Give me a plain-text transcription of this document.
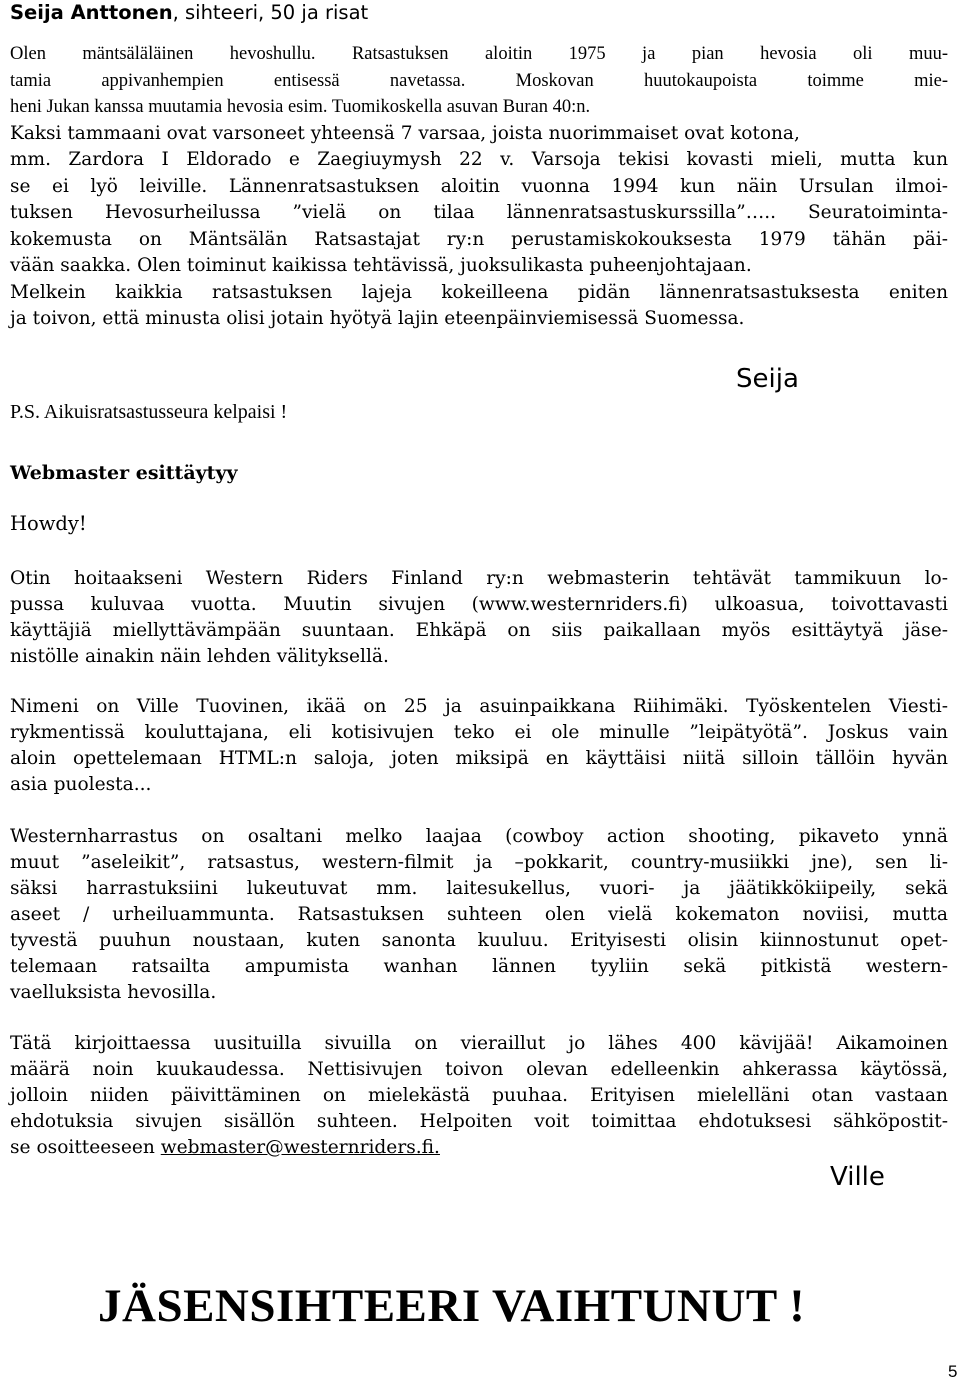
Seija Anttonen, sihteeri, 50 ja risat
Olen mäntsäläläinen hevoshullu. Ratsastuksen aloitin 1975 ja pian hevosia oli muu-
tamia appivanhempien entisessä navetassa. Moskovan huutokaupoista toimme mie-
heni Jukan kanssa muutamia hevosia esim. Tuomikoskella asuvan Buran 40:n.
Kaksi tammaani ovat varsoneet yhteensä 7 varsaa, joista nuorimmaiset ovat kotona,
mm. Zardora I Eldorado e Zaegiuymysh 22 v. Varsoja tekisi kovasti mieli, mutta kun
se ei lyö leiville. Lännenratsastuksen aloitin vuonna 1994 kun näin Ursulan ilmoi-
tuksen Hevosurheilussa ”vielä on tilaa lännenratsastuskurssilla”….. Seuratoiminta-
kokemusta on Mäntsälän Ratsastajat ry:n perustamiskokouksesta 1979 tähän päi-
vään saakka. Olen toiminut kaikissa tehtävissä, juoksulikasta puheenjohtajaan.
Melkein kaikkia ratsastuksen lajeja kokeilleena pidän lännenratsastuksesta eniten
ja toivon, että minusta olisi jotain hyötyä lajin eteenpäinviemisessä Suomessa.
Seija
P.S. Aikuisratsastusseura kelpaisi !
Webmaster esittäytyy
Howdy!
Otin hoitaakseni Western Riders Finland ry:n webmasterin tehtävät tammikuun lo-
pussa kuluvaa vuotta. Muutin sivujen (www.westernriders.fi) ulkoasua, toivottavasti
käyttäjiä miellyttävämpään suuntaan. Ehkäpä on siis paikallaan myös esittäytyä jäse-
nistölle ainakin näin lehden välityksellä.
Nimeni on Ville Tuovinen, ikää on 25 ja asuinpaikkana Riihimäki. Työskentelen Viesti-
rykmentissä kouluttajana, eli kotisivujen teko ei ole minulle ”leipätyötä”. Joskus vain
aloin opettelemaan HTML:n saloja, joten miksipä en käyttäisi niitä silloin tällöin hyvän
asia puolesta...
Westernharrastus on osaltani melko laajaa (cowboy action shooting, pikaveto ynnä
muut ”aseleikit”, ratsastus, western-filmit ja –pokkarit, country-musiikki jne), sen li-
säksi harrastuksiini lukeutuvat mm. laitesukellus, vuori- ja jäätikkökiipeily, sekä
aseet / urheiluammunta. Ratsastuksen suhteen olen vielä kokematon noviisi, mutta
tyvestä puuhun noustaan, kuten sanonta kuuluu. Erityisesti olisin kiinnostunut opet-
telemaan ratsailta ampumista wanhan lännen tyyliin sekä pitkistä western-
vaelluksista hevosilla.
Tätä kirjoittaessa uusituilla sivuilla on vieraillut jo lähes 400 kävijää! Aikamoinen
määrä noin kuukaudessa. Nettisivujen toivon olevan edelleenkin ahkerassa käytössä,
jolloin niiden päivittäminen on mielekästä puuhaa. Erityisen mielelläni otan vastaan
ehdotuksia sivujen sisällön suhteen. Helpoiten voit toimittaa ehdotuksesi sähköpostit-
se osoitteeseen webmaster@westernriders.fi.
Ville
JÄSENSIHTEERI VAIHTUNUT !
5
